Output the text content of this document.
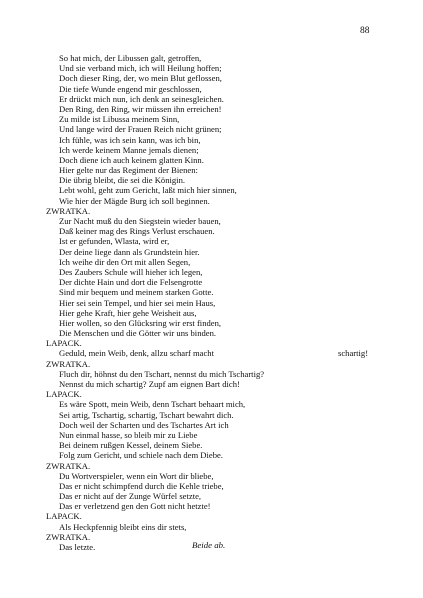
88
So hat mich, der Libussen galt, getroffen,
Und sie verband mich, ich will Heilung hoffen;
Doch dieser Ring, der, wo mein Blut geflossen,
Die tiefe Wunde engend mir geschlossen,
Er drückt mich nun, ich denk an seinesgleichen.
Den Ring, den Ring, wir müssen ihn erreichen!
Zu milde ist Libussa meinem Sinn,
Und lange wird der Frauen Reich nicht grünen;
Ich fühle, was ich sein kann, was ich bin,
Ich werde keinem Manne jemals dienen;
Doch diene ich auch keinem glatten Kinn.
Hier gelte nur das Regiment der Bienen:
Die übrig bleibt, die sei die Königin.
Lebt wohl, geht zum Gericht, laßt mich hier sinnen,
Wie hier der Mägde Burg ich soll beginnen.
ZWRATKA.
Zur Nacht muß du den Siegstein wieder bauen,
Daß keiner mag des Rings Verlust erschauen.
Ist er gefunden, Wlasta, wird er,
Der deine liege dann als Grundstein hier.
Ich weihe dir den Ort mit allen Segen,
Des Zaubers Schule will hieher ich legen,
Der dichte Hain und dort die Felsengrotte
Sind mir bequem und meinem starken Gotte.
Hier sei sein Tempel, und hier sei mein Haus,
Hier gehe Kraft, hier gehe Weisheit aus,
Hier wollen, so den Glücksring wir erst finden,
Die Menschen und die Götter wir uns binden.
LAPACK.
Geduld, mein Weib, denk, allzu scharf macht	schartig!
ZWRATKA.
Fluch dir, höhnst du den Tschart, nennst du mich Tschartig?
Nennst du mich schartig? Zupf am eignen Bart dich!
LAPACK.
Es wäre Spott, mein Weib, denn Tschart behaart mich,
Sei artig, Tschartig, schartig, Tschart bewahrt dich.
Doch weil der Scharten und des Tschartes Art ich
Nun einmal hasse, so bleib mir zu Liebe
Bei deinem rußgen Kessel, deinem Siebe.
Folg zum Gericht, und schiele nach dem Diebe.
ZWRATKA.
Du Wortverspieler, wenn ein Wort dir bliebe,
Das er nicht schimpfend durch die Kehle triebe,
Das er nicht auf der Zunge Würfel setzte,
Das er verletzend gen den Gott nicht hetzte!
LAPACK.
Als Heckpfennig bleibt eins dir stets,
ZWRATKA.
Das letzte.	Beide ab.
